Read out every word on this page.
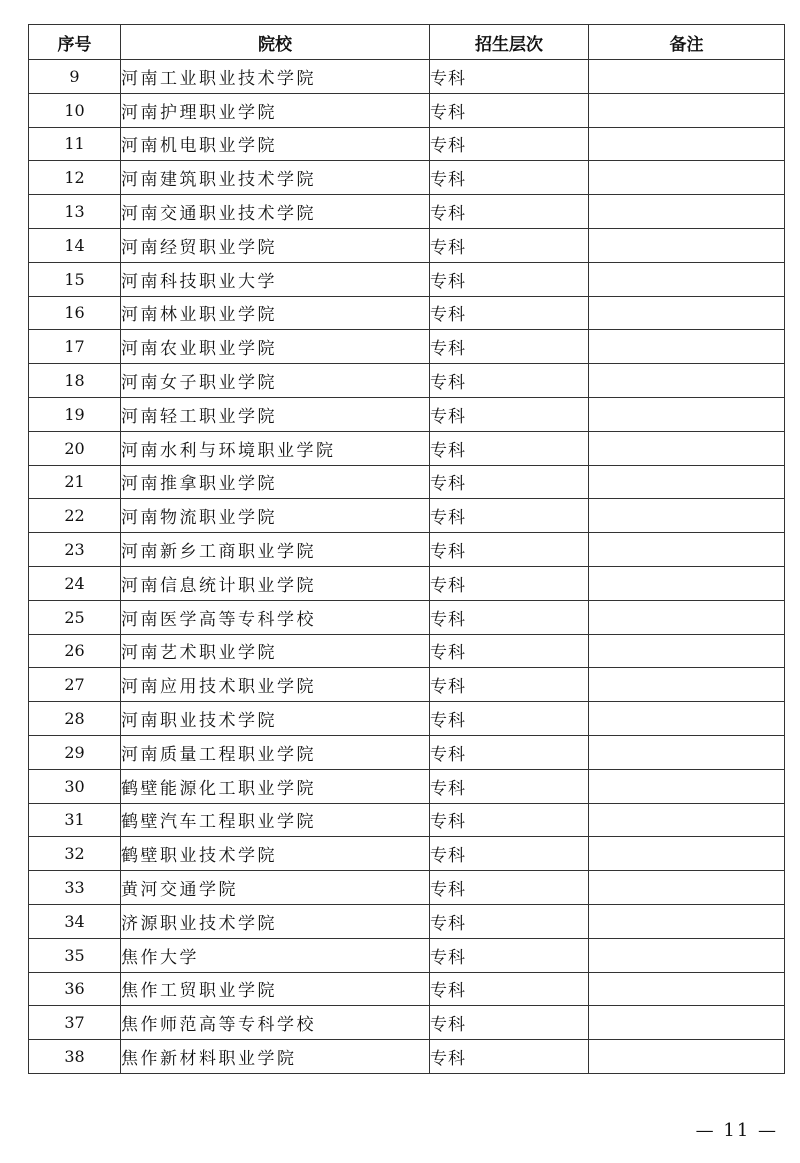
序号	院校	招生层次	备注
9	河南工业职业技术学院	专科	
10	河南护理职业学院	专科	
11	河南机电职业学院	专科	
12	河南建筑职业技术学院	专科	
13	河南交通职业技术学院	专科	
14	河南经贸职业学院	专科	
15	河南科技职业大学	专科	
16	河南林业职业学院	专科	
17	河南农业职业学院	专科	
18	河南女子职业学院	专科	
19	河南轻工职业学院	专科	
20	河南水利与环境职业学院	专科	
21	河南推拿职业学院	专科	
22	河南物流职业学院	专科	
23	河南新乡工商职业学院	专科	
24	河南信息统计职业学院	专科	
25	河南医学高等专科学校	专科	
26	河南艺术职业学院	专科	
27	河南应用技术职业学院	专科	
28	河南职业技术学院	专科	
29	河南质量工程职业学院	专科	
30	鹤壁能源化工职业学院	专科	
31	鹤壁汽车工程职业学院	专科	
32	鹤壁职业技术学院	专科	
33	黄河交通学院	专科	
34	济源职业技术学院	专科	
35	焦作大学	专科	
36	焦作工贸职业学院	专科	
37	焦作师范高等专科学校	专科	
38	焦作新材料职业学院	专科	
— 11 —
